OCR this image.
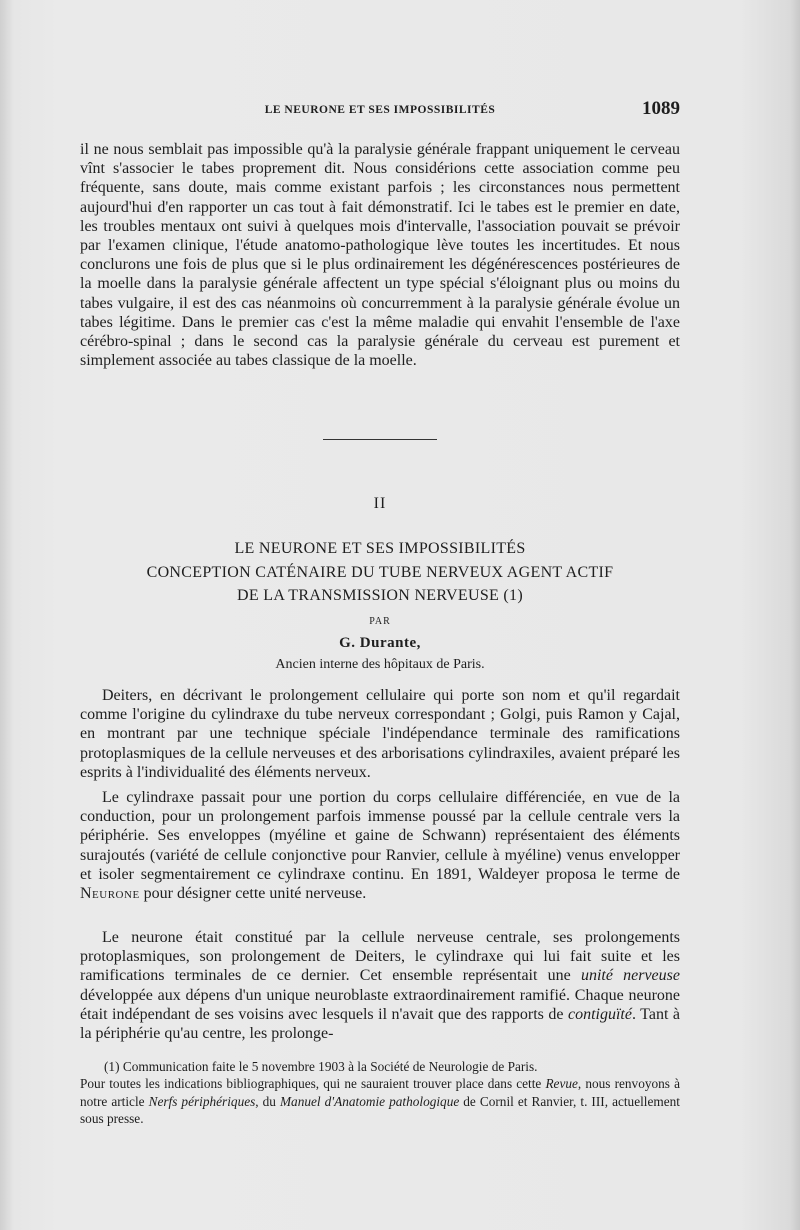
LE NEURONE ET SES IMPOSSIBILITÉS	1089

il ne nous semblait pas impossible qu'à la paralysie générale frappant uniquement le cerveau vînt s'associer le tabes proprement dit. Nous considérions cette association comme peu fréquente, sans doute, mais comme existant parfois ; les circonstances nous permettent aujourd'hui d'en rapporter un cas tout à fait démonstratif. Ici le tabes est le premier en date, les troubles mentaux ont suivi à quelques mois d'intervalle, l'association pouvait se prévoir par l'examen clinique, l'étude anatomo-pathologique lève toutes les incertitudes. Et nous conclurons une fois de plus que si le plus ordinairement les dégénérescences postérieures de la moelle dans la paralysie générale affectent un type spécial s'éloignant plus ou moins du tabes vulgaire, il est des cas néanmoins où concurremment à la paralysie générale évolue un tabes légitime. Dans le premier cas c'est la même maladie qui envahit l'ensemble de l'axe cérébro-spinal ; dans le second cas la paralysie générale du cerveau est purement et simplement associée au tabes classique de la moelle.

II

LE NEURONE ET SES IMPOSSIBILITÉS

CONCEPTION CATÉNAIRE DU TUBE NERVEUX AGENT ACTIF

DE LA TRANSMISSION NERVEUSE (1)

PAR

G. Durante,

Ancien interne des hôpitaux de Paris.

Deiters, en décrivant le prolongement cellulaire qui porte son nom et qu'il regardait comme l'origine du cylindraxe du tube nerveux correspondant ; Golgi, puis Ramon y Cajal, en montrant par une technique spéciale l'indépendance terminale des ramifications protoplasmiques de la cellule nerveuses et des arborisations cylindraxiles, avaient préparé les esprits à l'individualité des éléments nerveux.

Le cylindraxe passait pour une portion du corps cellulaire différenciée, en vue de la conduction, pour un prolongement parfois immense poussé par la cellule centrale vers la périphérie. Ses enveloppes (myéline et gaine de Schwann) représentaient des éléments surajoutés (variété de cellule conjonctive pour Ranvier, cellule à myéline) venus envelopper et isoler segmentairement ce cylindraxe continu. En 1891, Waldeyer proposa le terme de Neurone pour désigner cette unité nerveuse.

Le neurone était constitué par la cellule nerveuse centrale, ses prolongements protoplasmiques, son prolongement de Deiters, le cylindraxe qui lui fait suite et les ramifications terminales de ce dernier. Cet ensemble représentait une unité nerveuse développée aux dépens d'un unique neuroblaste extraordinairement ramifié. Chaque neurone était indépendant de ses voisins avec lesquels il n'avait que des rapports de contiguïté. Tant à la périphérie qu'au centre, les prolonge-

(1) Communication faite le 5 novembre 1903 à la Société de Neurologie de Paris.

Pour toutes les indications bibliographiques, qui ne sauraient trouver place dans cette Revue, nous renvoyons à notre article Nerfs périphériques, du Manuel d'Anatomie pathologique de Cornil et Ranvier, t. III, actuellement sous presse.
